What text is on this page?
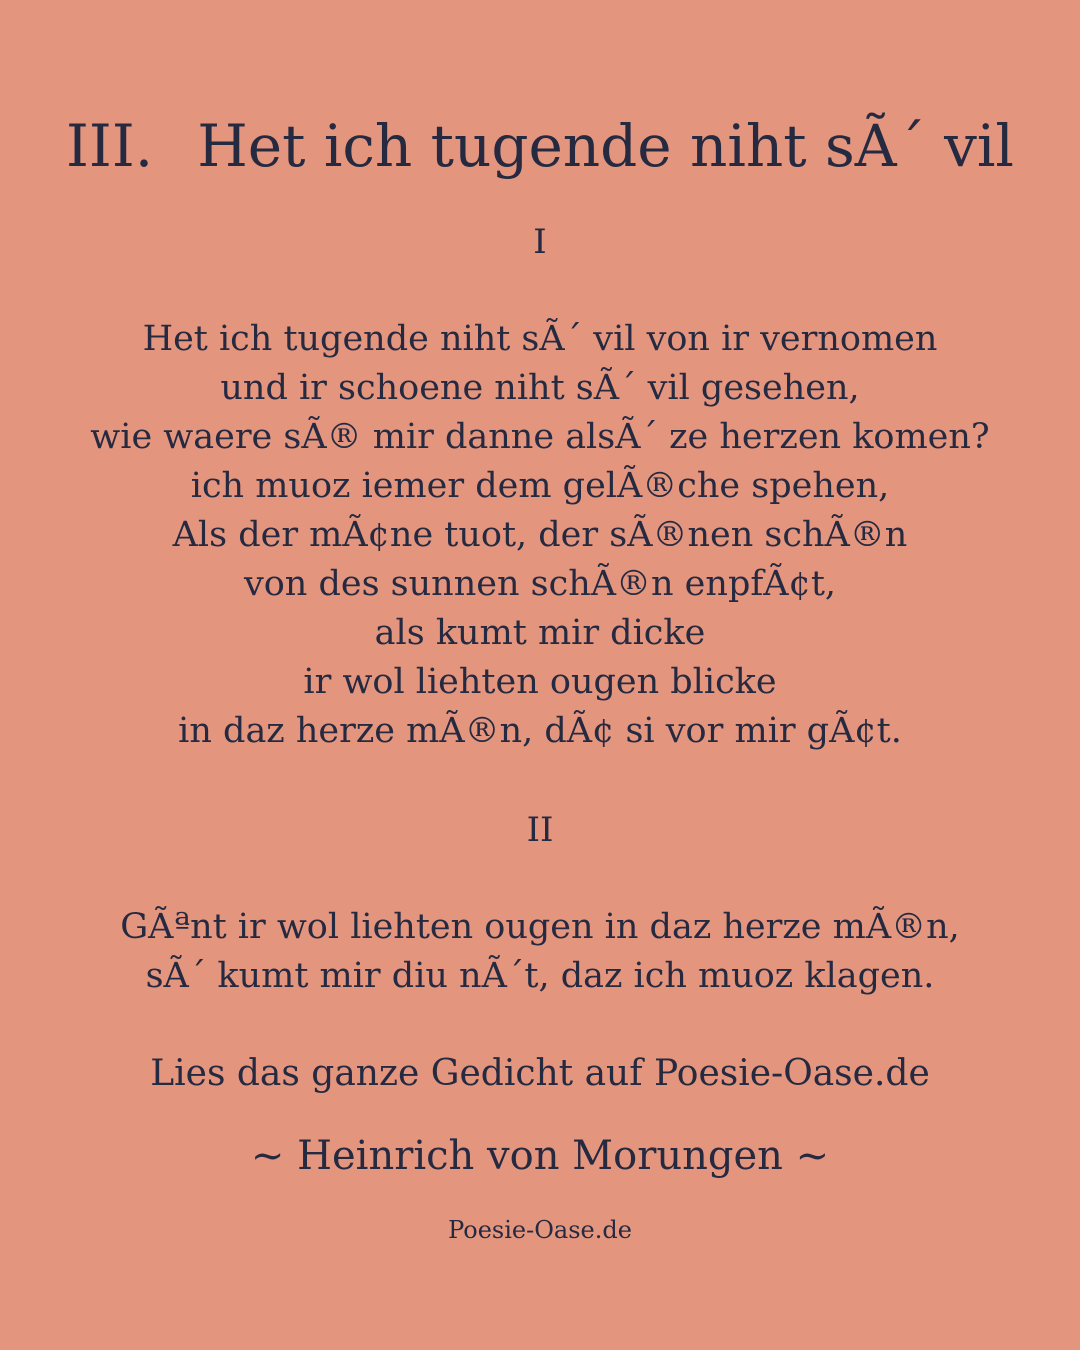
III. Het ich tugende niht sÃ´ vil
I
Het ich tugende niht sÃ´ vil von ir vernomen
und ir schoene niht sÃ´ vil gesehen,
wie waere sÃ® mir danne alsÃ´ ze herzen komen?
ich muoz iemer dem gelÃ®che spehen,
Als der mÃ¢ne tuot, der sÃ®nen schÃ®n
von des sunnen schÃ®n enpfÃ¢t,
als kumt mir dicke
ir wol liehten ougen blicke
in daz herze mÃ®n, dÃ¢ si vor mir gÃ¢t.
II
GÃªnt ir wol liehten ougen in daz herze mÃ®n,
sÃ´ kumt mir diu nÃ´t, daz ich muoz klagen.
Lies das ganze Gedicht auf Poesie-Oase.de
~ Heinrich von Morungen ~
Poesie-Oase.de
